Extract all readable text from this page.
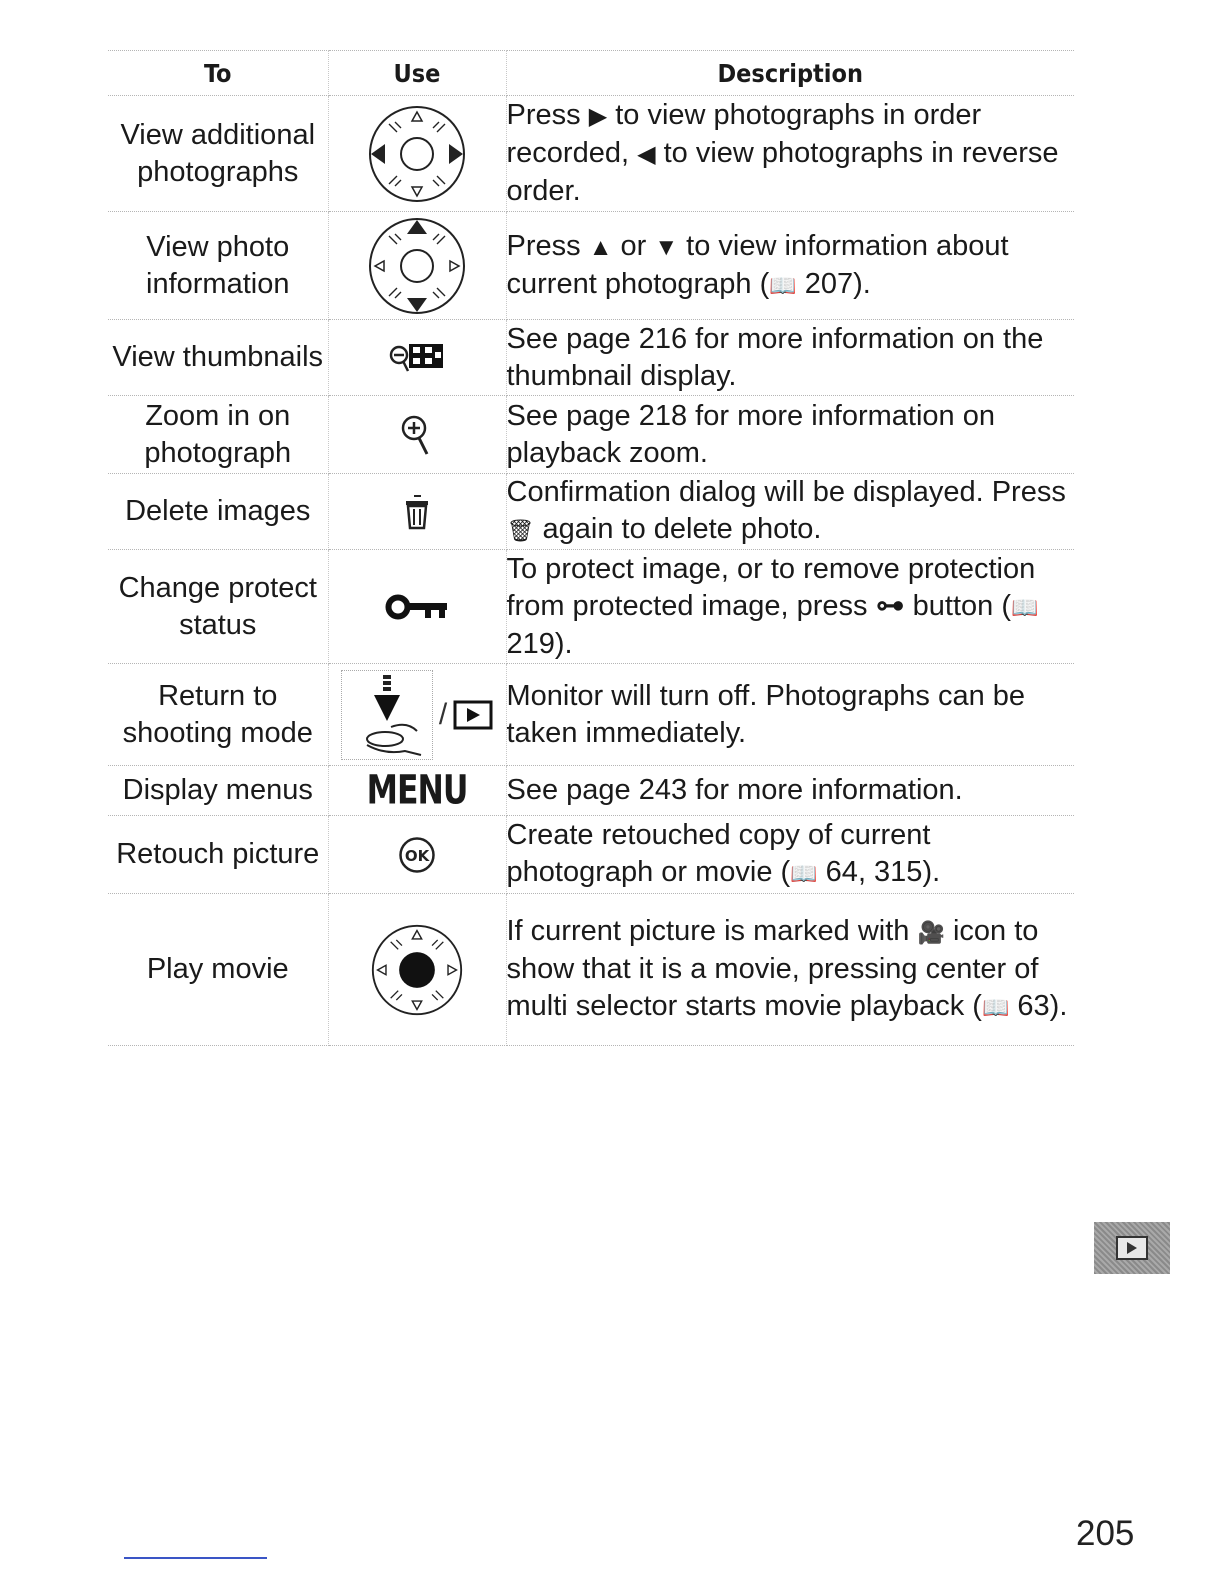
To	Use	Description
View additional photographs		Press ▶ to view photographs in order recorded, ◀ to view photographs in reverse order.
View photo information		Press ▲ or ▼ to view information about current photograph (📖 207).
View thumbnails		See page 216 for more information on the thumbnail display.
Zoom in on photograph		See page 218 for more information on playback zoom.
Delete images		Confirmation dialog will be displayed. Press 🗑 again to delete photo.
Change protect status		To protect image, or to remove protection from protected image, press ⊶ button (📖 219).
Return to shooting mode	/	Monitor will turn off. Photographs can be taken immediately.
Display menus	MENU	See page 243 for more information.
Retouch picture	OK	Create retouched copy of current photograph or movie (📖 64, 315).
Play movie		If current picture is marked with 🎥 icon to show that it is a movie, pressing center of multi selector starts movie playback (📖 63).
205
